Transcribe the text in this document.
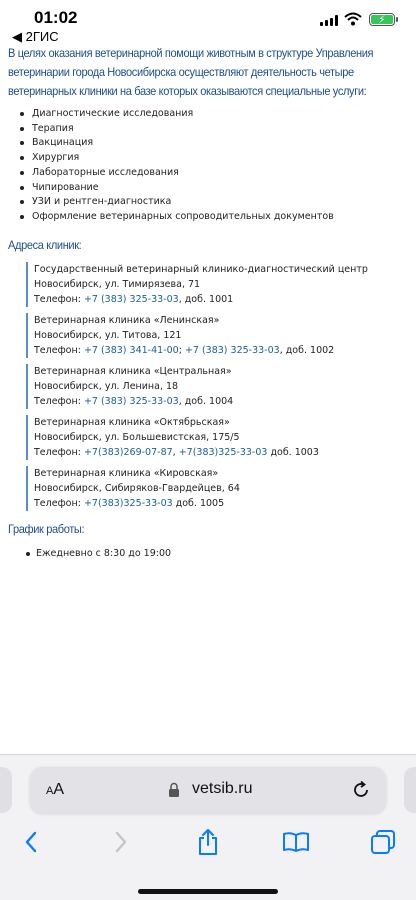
01:02
◀ 2ГИС
⚡
В целях оказания ветеринарной помощи животным в структуре Управления ветеринарии города Новосибирска осуществляют деятельность четыре ветеринарных клиники на базе которых оказываются специальные услуги:
Диагностические исследования
Терапия
Вакцинация
Хирургия
Лабораторные исследования
Чипирование
УЗИ и рентген-диагностика
Оформление ветеринарных сопроводительных документов
Адреса клиник:
Государственный ветеринарный клинико-диагностический центр
Новосибирск, ул. Тимирязева, 71
Телефон: +7 (383) 325-33-03, доб. 1001
Ветеринарная клиника «Ленинская»
Новосибирск, ул. Титова, 121
Телефон: +7 (383) 341-41-00; +7 (383) 325-33-03, доб. 1002
Ветеринарная клиника «Центральная»
Новосибирск, ул. Ленина, 18
Телефон: +7 (383) 325-33-03, доб. 1004
Ветеринарная клиника «Октябрьская»
Новосибирск, ул. Большевистская, 175/5
Телефон: +7(383)269-07-87, +7(383)325-33-03 доб. 1003
Ветеринарная клиника «Кировская»
Новосибирск, Сибиряков-Гвардейцев, 64
Телефон: +7(383)325-33-03 доб. 1005
График работы:
Ежедневно с 8:30 до 19:00
AA	vetsib.ru
